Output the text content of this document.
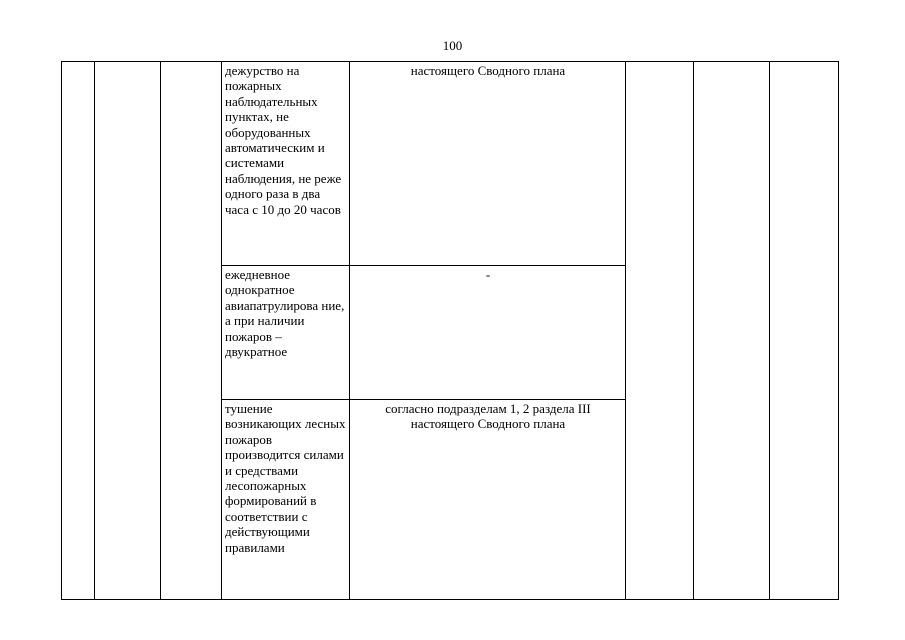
100
			дежурство на пожарных наблюдательных пунктах, не оборудованных автоматическим и системами наблюдения, не реже одного раза в два часа с 10 до 20 часов	настоящего Сводного плана			
			ежедневное однократное авиапатрулирова ние, а при наличии пожаров – двукратное	-			
			тушение возникающих лесных пожаров производится силами и средствами лесопожарных формирований в соответствии с действующими правилами	согласно подразделам 1, 2 раздела III настоящего Сводного плана			
